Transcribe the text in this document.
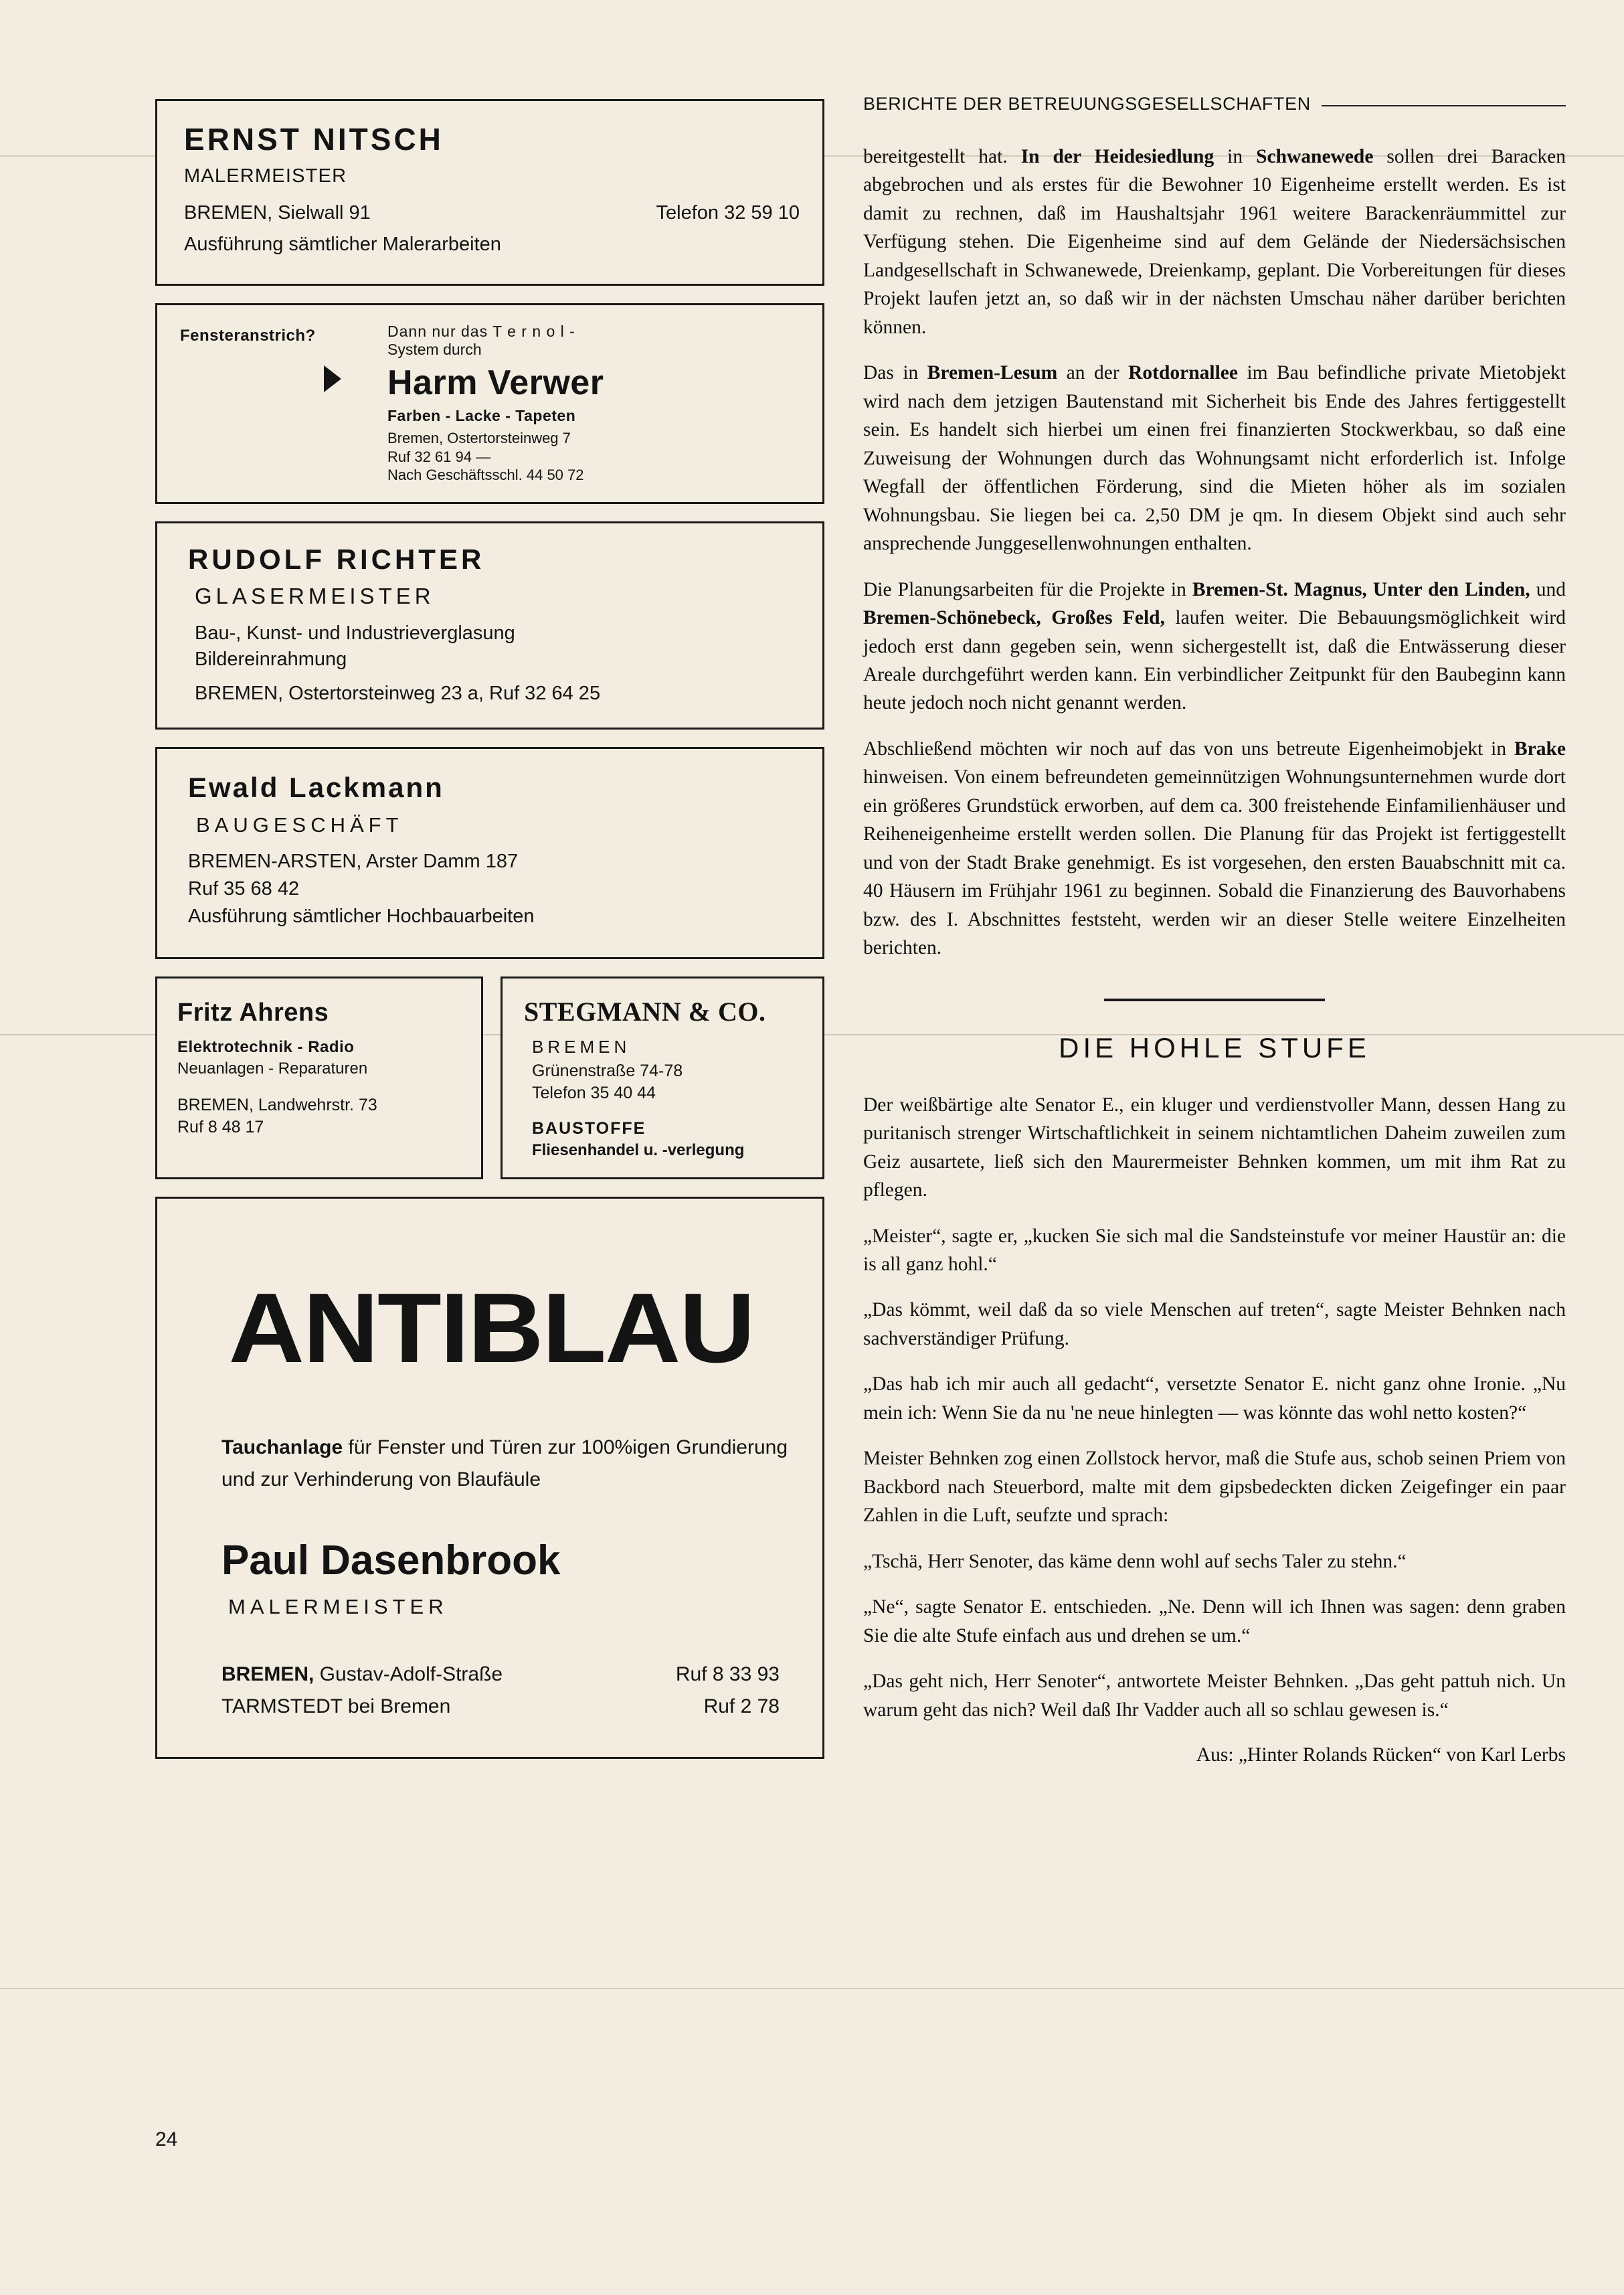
ERNST NITSCH
MALERMEISTER
BREMEN, Sielwall 91	Telefon 32 59 10
Ausführung sämtlicher Malerarbeiten
Fensteranstrich?	Dann nur das T e r n o l -
System durch
Harm Verwer
Farben - Lacke - Tapeten
Bremen, Ostertorsteinweg 7
Ruf 32 61 94 —
Nach Geschäftsschl. 44 50 72
RUDOLF RICHTER
GLASERMEISTER
Bau-, Kunst- und Industrieverglasung
Bildereinrahmung
BREMEN, Ostertorsteinweg 23 a, Ruf 32 64 25
Ewald Lackmann
BAUGESCHÄFT
BREMEN-ARSTEN, Arster Damm 187
Ruf 35 68 42
Ausführung sämtlicher Hochbauarbeiten
Fritz Ahrens
Elektrotechnik - Radio
Neuanlagen - Reparaturen
BREMEN, Landwehrstr. 73
Ruf 8 48 17
STEGMANN & CO.
BREMEN
Grünenstraße 74-78
Telefon 35 40 44
BAUSTOFFE
Fliesenhandel u. -verlegung
ANTIBLAU
Tauchanlage für Fenster und Türen zur 100%igen Grundierung und zur Verhinderung von Blaufäule
Paul Dasenbrook
MALERMEISTER
BREMEN, Gustav-Adolf-Straße	Ruf 8 33 93
TARMSTEDT bei Bremen	Ruf 2 78
24
BERICHTE DER BETREUUNGSGESELLSCHAFTEN

bereitgestellt hat. In der Heidesiedlung in Schwanewede sollen drei Baracken abgebrochen und als erstes für die Bewohner 10 Eigenheime erstellt werden. Es ist damit zu rechnen, daß im Haushaltsjahr 1961 weitere Barackenräummittel zur Verfügung stehen. Die Eigenheime sind auf dem Gelände der Niedersächsischen Landgesellschaft in Schwanewede, Dreienkamp, geplant. Die Vorbereitungen für dieses Projekt laufen jetzt an, so daß wir in der nächsten Umschau näher darüber berichten können.

Das in Bremen-Lesum an der Rotdornallee im Bau befindliche private Mietobjekt wird nach dem jetzigen Bautenstand mit Sicherheit bis Ende des Jahres fertiggestellt sein. Es handelt sich hierbei um einen frei finanzierten Stockwerkbau, so daß eine Zuweisung der Wohnungen durch das Wohnungsamt nicht erforderlich ist. Infolge Wegfall der öffentlichen Förderung, sind die Mieten höher als im sozialen Wohnungsbau. Sie liegen bei ca. 2,50 DM je qm. In diesem Objekt sind auch sehr ansprechende Junggesellenwohnungen enthalten.

Die Planungsarbeiten für die Projekte in Bremen-St. Magnus, Unter den Linden, und Bremen-Schönebeck, Großes Feld, laufen weiter. Die Bebauungsmöglichkeit wird jedoch erst dann gegeben sein, wenn sichergestellt ist, daß die Entwässerung dieser Areale durchgeführt werden kann. Ein verbindlicher Zeitpunkt für den Baubeginn kann heute jedoch noch nicht genannt werden.

Abschließend möchten wir noch auf das von uns betreute Eigenheimobjekt in Brake hinweisen. Von einem befreundeten gemeinnützigen Wohnungsunternehmen wurde dort ein größeres Grundstück erworben, auf dem ca. 300 freistehende Einfamilienhäuser und Reiheneigenheime erstellt werden sollen. Die Planung für das Projekt ist fertiggestellt und von der Stadt Brake genehmigt. Es ist vorgesehen, den ersten Bauabschnitt mit ca. 40 Häusern im Frühjahr 1961 zu beginnen. Sobald die Finanzierung des Bauvorhabens bzw. des I. Abschnittes feststeht, werden wir an dieser Stelle weitere Einzelheiten berichten.

DIE HOHLE STUFE

Der weißbärtige alte Senator E., ein kluger und verdienstvoller Mann, dessen Hang zu puritanisch strenger Wirtschaftlichkeit in seinem nichtamtlichen Daheim zuweilen zum Geiz ausartete, ließ sich den Maurermeister Behnken kommen, um mit ihm Rat zu pflegen.

„Meister“, sagte er, „kucken Sie sich mal die Sandsteinstufe vor meiner Haustür an: die is all ganz hohl.“

„Das kömmt, weil daß da so viele Menschen auf treten“, sagte Meister Behnken nach sachverständiger Prüfung.

„Das hab ich mir auch all gedacht“, versetzte Senator E. nicht ganz ohne Ironie. „Nu mein ich: Wenn Sie da nu 'ne neue hinlegten — was könnte das wohl netto kosten?“

Meister Behnken zog einen Zollstock hervor, maß die Stufe aus, schob seinen Priem von Backbord nach Steuerbord, malte mit dem gipsbedeckten dicken Zeigefinger ein paar Zahlen in die Luft, seufzte und sprach:

„Tschä, Herr Senoter, das käme denn wohl auf sechs Taler zu stehn.“

„Ne“, sagte Senator E. entschieden. „Ne. Denn will ich Ihnen was sagen: denn graben Sie die alte Stufe einfach aus und drehen se um.“

„Das geht nich, Herr Senoter“, antwortete Meister Behnken. „Das geht pattuh nich. Un warum geht das nich? Weil daß Ihr Vadder auch all so schlau gewesen is.“

Aus: „Hinter Rolands Rücken“ von Karl Lerbs
